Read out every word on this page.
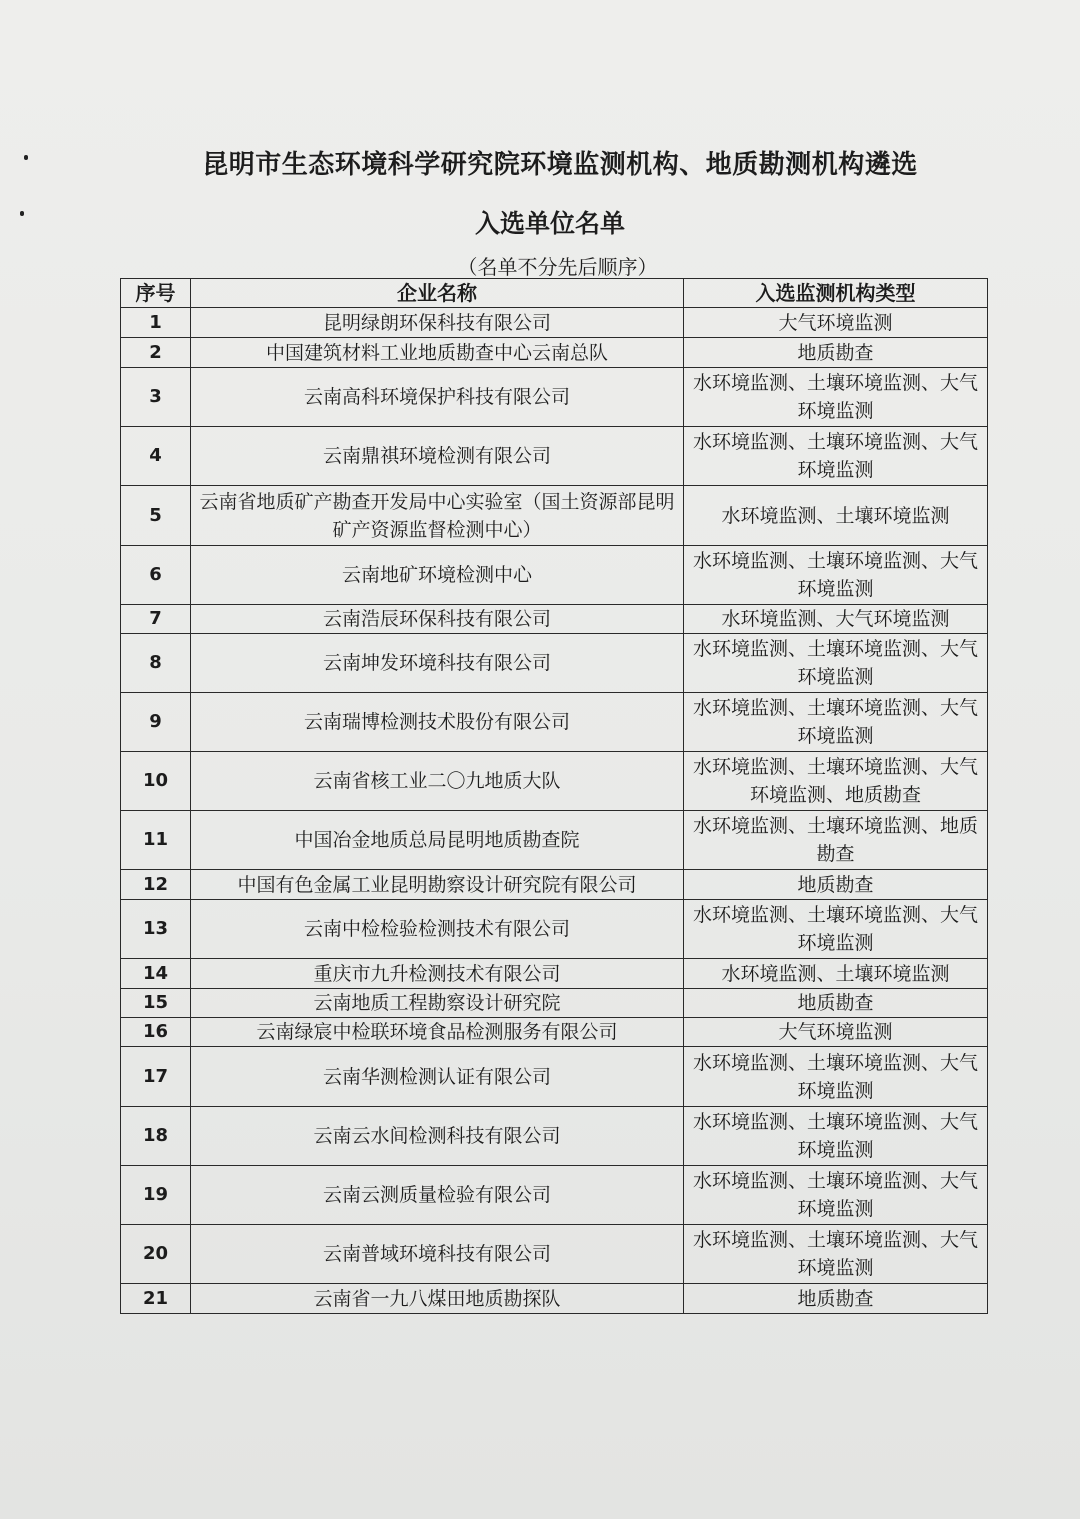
昆明市生态环境科学研究院环境监测机构、地质勘测机构遴选
入选单位名单
（名单不分先后顺序）
序号	企业名称	入选监测机构类型
1	昆明绿朗环保科技有限公司	大气环境监测
2	中国建筑材料工业地质勘查中心云南总队	地质勘查
3	云南高科环境保护科技有限公司	水环境监测、土壤环境监测、大气环境监测
4	云南鼎祺环境检测有限公司	水环境监测、土壤环境监测、大气环境监测
5	云南省地质矿产勘查开发局中心实验室（国土资源部昆明矿产资源监督检测中心）	水环境监测、土壤环境监测
6	云南地矿环境检测中心	水环境监测、土壤环境监测、大气环境监测
7	云南浩辰环保科技有限公司	水环境监测、大气环境监测
8	云南坤发环境科技有限公司	水环境监测、土壤环境监测、大气环境监测
9	云南瑞博检测技术股份有限公司	水环境监测、土壤环境监测、大气环境监测
10	云南省核工业二〇九地质大队	水环境监测、土壤环境监测、大气环境监测、地质勘查
11	中国冶金地质总局昆明地质勘查院	水环境监测、土壤环境监测、地质勘查
12	中国有色金属工业昆明勘察设计研究院有限公司	地质勘查
13	云南中检检验检测技术有限公司	水环境监测、土壤环境监测、大气环境监测
14	重庆市九升检测技术有限公司	水环境监测、土壤环境监测
15	云南地质工程勘察设计研究院	地质勘查
16	云南绿宸中检联环境食品检测服务有限公司	大气环境监测
17	云南华测检测认证有限公司	水环境监测、土壤环境监测、大气环境监测
18	云南云水间检测科技有限公司	水环境监测、土壤环境监测、大气环境监测
19	云南云测质量检验有限公司	水环境监测、土壤环境监测、大气环境监测
20	云南普域环境科技有限公司	水环境监测、土壤环境监测、大气环境监测
21	云南省一九八煤田地质勘探队	地质勘查
